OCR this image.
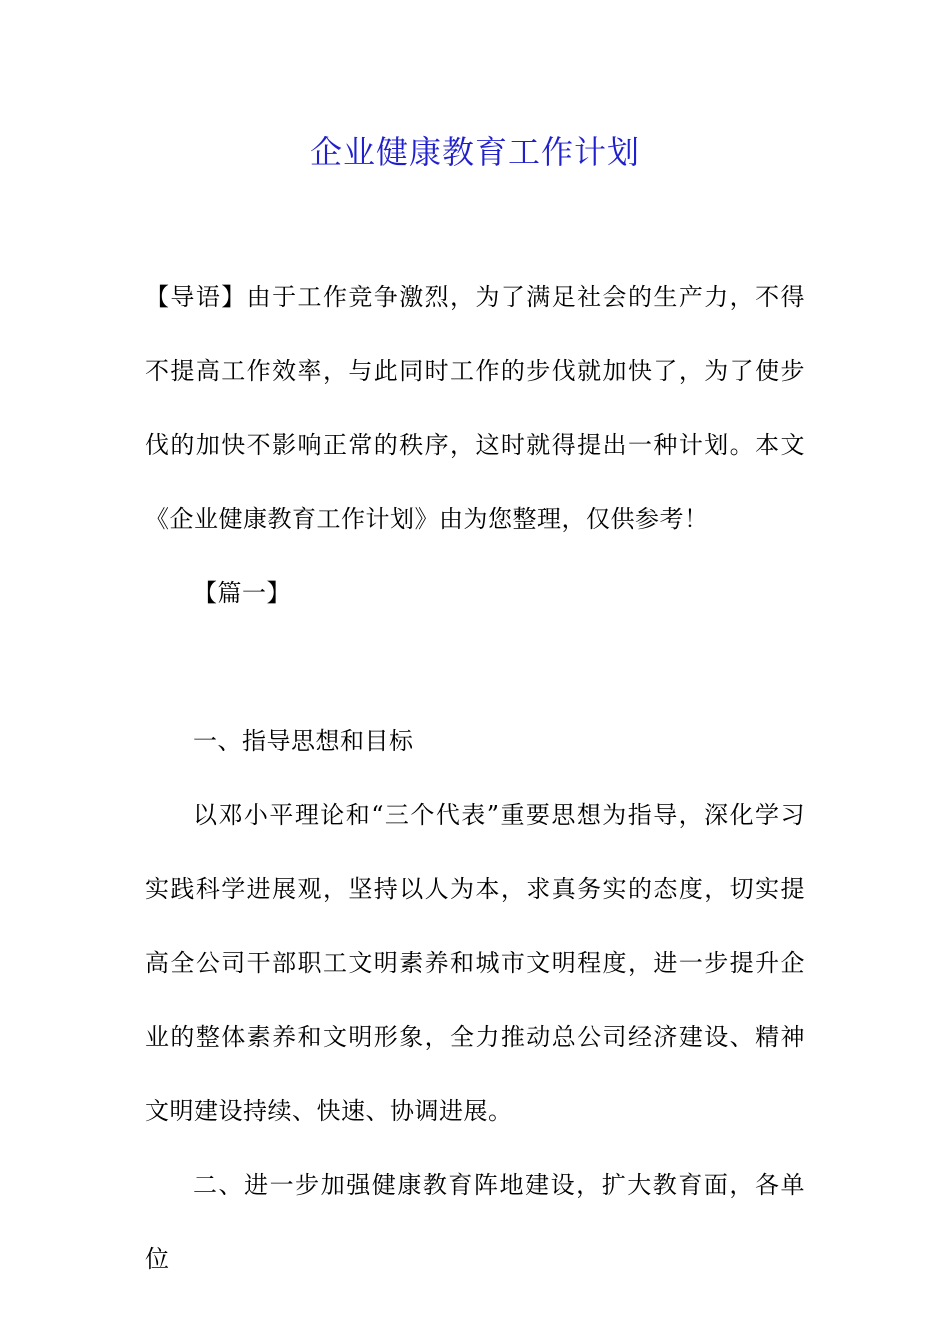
企业健康教育工作计划

【导语】由于工作竞争激烈，为了满足社会的生产力，不得不提高工作效率，与此同时工作的步伐就加快了，为了使步伐的加快不影响正常的秩序，这时就得提出一种计划。本文《企业健康教育工作计划》由为您整理，仅供参考！

【篇一】

一、指导思想和目标

以邓小平理论和“三个代表”重要思想为指导，深化学习实践科学进展观，坚持以人为本，求真务实的态度，切实提高全公司干部职工文明素养和城市文明程度，进一步提升企业的整体素养和文明形象，全力推动总公司经济建设、精神文明建设持续、快速、协调进展。

二、进一步加强健康教育阵地建设，扩大教育面，各单位
